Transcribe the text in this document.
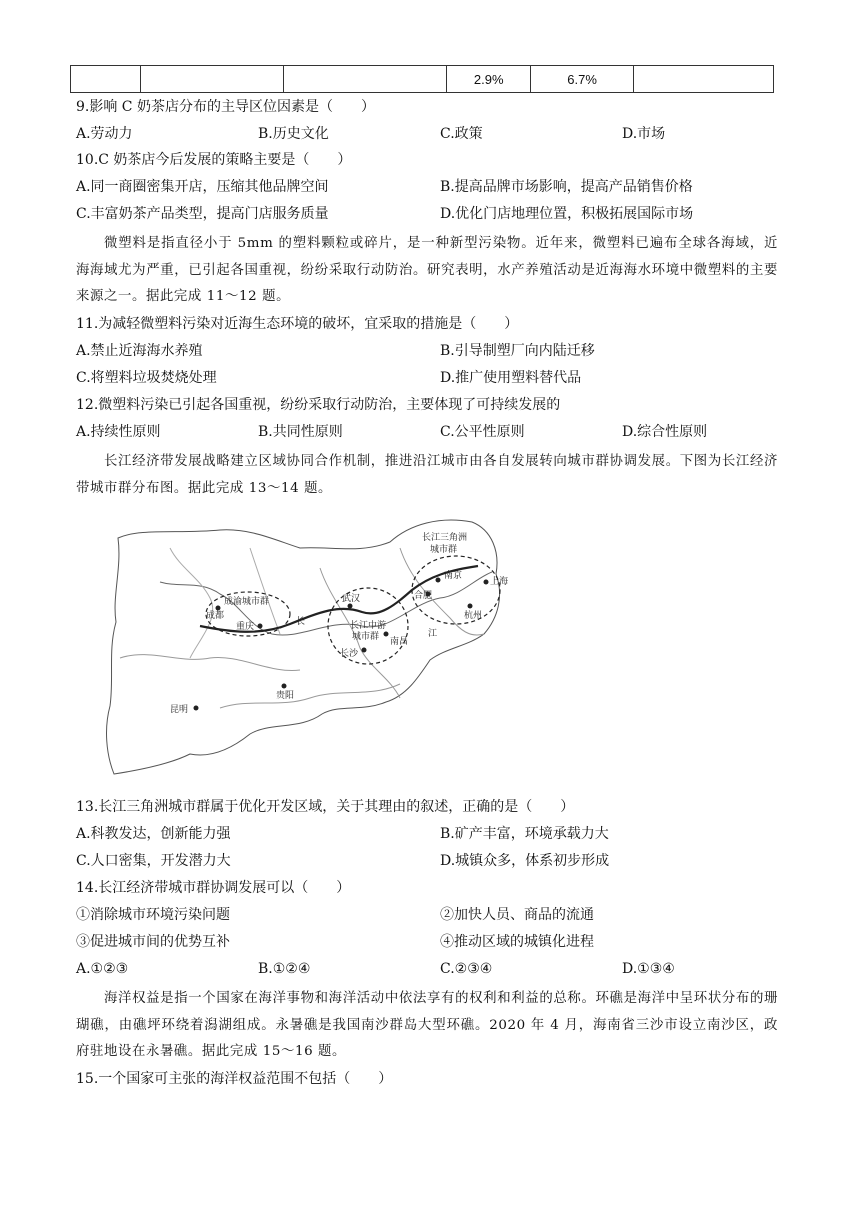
			2.9%	6.7%	
9.影响 C 奶茶店分布的主导区位因素是（　　）
A.劳动力	B.历史文化	C.政策	D.市场
10.C 奶茶店今后发展的策略主要是（　　）
A.同一商圈密集开店，压缩其他品牌空间	B.提高品牌市场影响，提高产品销售价格
C.丰富奶茶产品类型，提高门店服务质量	D.优化门店地理位置，积极拓展国际市场
微塑料是指直径小于 5mm 的塑料颗粒或碎片，是一种新型污染物。近年来，微塑料已遍布全球各海域，近海海域尤为严重，已引起各国重视，纷纷采取行动防治。研究表明，水产养殖活动是近海海水环境中微塑料的主要来源之一。据此完成 11～12 题。
11.为减轻微塑料污染对近海生态环境的破坏，宜采取的措施是（　　）
A.禁止近海海水养殖	B.引导制塑厂向内陆迁移
C.将塑料垃圾焚烧处理	D.推广使用塑料替代品
12.微塑料污染已引起各国重视，纷纷采取行动防治，主要体现了可持续发展的
A.持续性原则	B.共同性原则	C.公平性原则	D.综合性原则
长江经济带发展战略建立区域协同合作机制，推进沿江城市由各自发展转向城市群协调发展。下图为长江经济带城市群分布图。据此完成 13～14 题。
成渝城市群
成都
重庆	长
江
武汉
长江中游
城市群
长沙
南昌
贵阳
昆明
长江三角洲
城市群
南京
合肥
上海
杭州
13.长江三角洲城市群属于优化开发区域，关于其理由的叙述，正确的是（　　）
A.科教发达，创新能力强	B.矿产丰富，环境承载力大
C.人口密集，开发潜力大	D.城镇众多，体系初步形成
14.长江经济带城市群协调发展可以（　　）
①消除城市环境污染问题	②加快人员、商品的流通
③促进城市间的优势互补	④推动区域的城镇化进程
A.①②③	B.①②④	C.②③④	D.①③④
海洋权益是指一个国家在海洋事物和海洋活动中依法享有的权利和利益的总称。环礁是海洋中呈环状分布的珊瑚礁，由礁坪环绕着潟湖组成。永暑礁是我国南沙群岛大型环礁。2020 年 4 月，海南省三沙市设立南沙区，政府驻地设在永暑礁。据此完成 15～16 题。
15.一个国家可主张的海洋权益范围不包括（　　）
